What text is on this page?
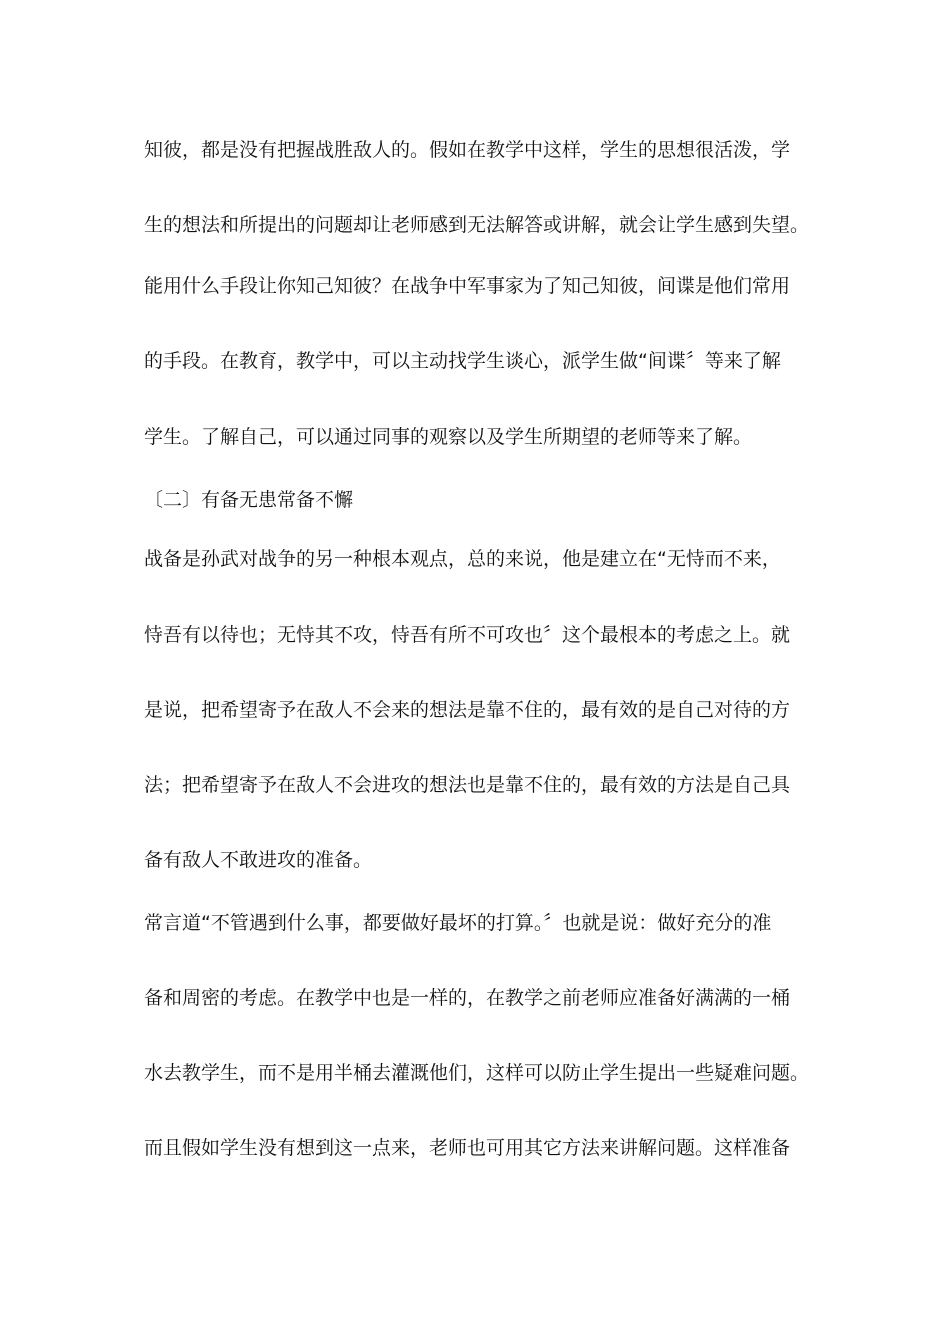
知彼，都是没有把握战胜敌人的。假如在教学中这样，学生的思想很活泼，学

生的想法和所提出的问题却让老师感到无法解答或讲解，就会让学生感到失望。

能用什么手段让你知己知彼？在战争中军事家为了知己知彼，间谍是他们常用

的手段。在教育，教学中，可以主动找学生谈心，派学生做“间谍〞等来了解

学生。了解自己，可以通过同事的观察以及学生所期望的老师等来了解。

〔二〕有备无患常备不懈

战备是孙武对战争的另一种根本观点，总的来说，他是建立在“无恃而不来，

恃吾有以待也；无恃其不攻，恃吾有所不可攻也〞这个最根本的考虑之上。就

是说，把希望寄予在敌人不会来的想法是靠不住的，最有效的是自己对待的方

法；把希望寄予在敌人不会进攻的想法也是靠不住的，最有效的方法是自己具

备有敌人不敢进攻的准备。

常言道“不管遇到什么事，都要做好最坏的打算。〞也就是说：做好充分的准

备和周密的考虑。在教学中也是一样的，在教学之前老师应准备好满满的一桶

水去教学生，而不是用半桶去灌溉他们，这样可以防止学生提出一些疑难问题。

而且假如学生没有想到这一点来，老师也可用其它方法来讲解问题。这样准备
